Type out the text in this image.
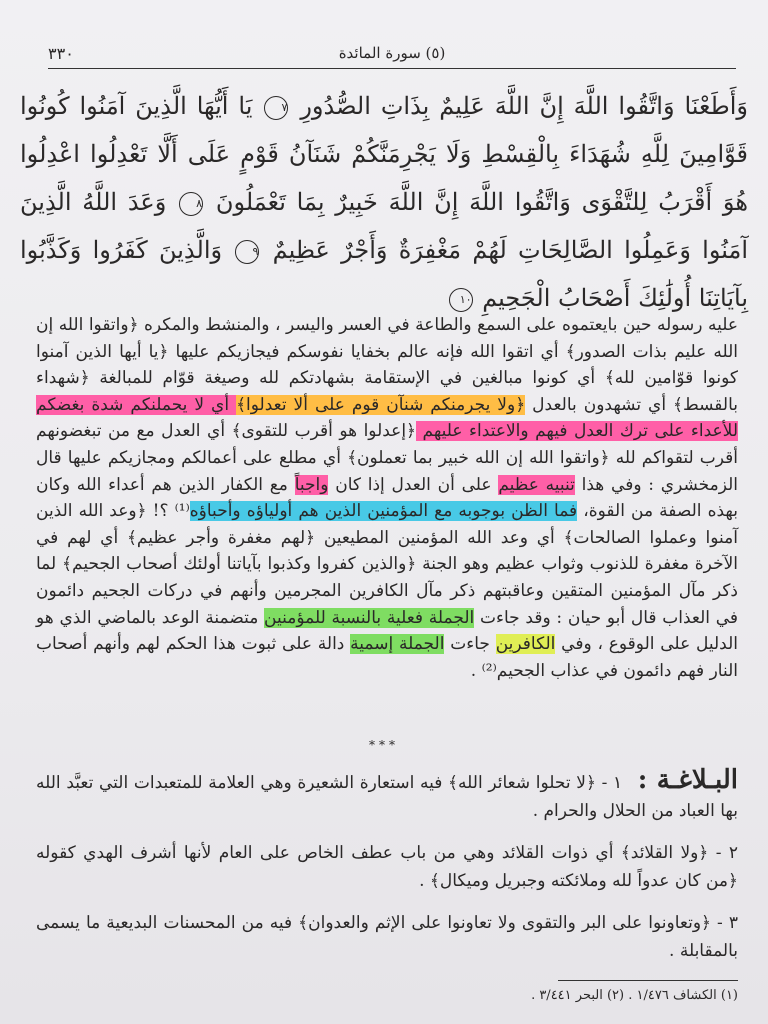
٣٣٠	(٥) سورة المائدة
وَأَطَعْنَا وَاتَّقُوا اللَّهَ إِنَّ اللَّهَ عَلِيمٌ بِذَاتِ الصُّدُورِ ٧ يَا أَيُّهَا الَّذِينَ آمَنُوا كُونُوا قَوَّامِينَ لِلَّهِ شُهَدَاءَ بِالْقِسْطِ وَلَا يَجْرِمَنَّكُمْ شَنَآنُ قَوْمٍ عَلَى أَلَّا تَعْدِلُوا اعْدِلُوا هُوَ أَقْرَبُ لِلتَّقْوَى وَاتَّقُوا اللَّهَ إِنَّ اللَّهَ خَبِيرٌ بِمَا تَعْمَلُونَ ٨ وَعَدَ اللَّهُ الَّذِينَ آمَنُوا وَعَمِلُوا الصَّالِحَاتِ لَهُمْ مَغْفِرَةٌ وَأَجْرٌ عَظِيمٌ ٩ وَالَّذِينَ كَفَرُوا وَكَذَّبُوا بِآيَاتِنَا أُولَٰئِكَ أَصْحَابُ الْجَحِيمِ ١٠

عليه رسوله حين بايعتموه على السمع والطاعة في العسر واليسر ، والمنشط والمكره ﴿واتقوا الله إن الله عليم بذات الصدور﴾ أي اتقوا الله فإنه عالم بخفايا نفوسكم فيجازيكم عليها ﴿يا أيها الذين آمنوا كونوا قوّامين لله﴾ أي كونوا مبالغين في الإستقامة بشهادتكم لله وصيغة قوّام للمبالغة ﴿شهداء بالقسط﴾ أي تشهدون بالعدل ﴿ولا يجرمنكم شنآن قوم على ألا تعدلوا﴾ أي لا يحملنكم شدة بغضكم للأعداء على ترك العدل فيهم والاعتداء عليهم ﴿إعدلوا هو أقرب للتقوى﴾ أي العدل مع من تبغضونهم أقرب لتقواكم لله ﴿واتقوا الله إن الله خبير بما تعملون﴾ أي مطلع على أعمالكم ومجازيكم عليها قال الزمخشري : وفي هذا تنبيه عظيم على أن العدل إذا كان واجباً مع الكفار الذين هم أعداء الله وكان بهذه الصفة من القوة، فما الظن بوجوبه مع المؤمنين الذين هم أولياؤه وأحباؤه⁽¹⁾ ؟! ﴿وعد الله الذين آمنوا وعملوا الصالحات﴾ أي وعد الله المؤمنين المطيعين ﴿لهم مغفرة وأجر عظيم﴾ أي لهم في الآخرة مغفرة للذنوب وثواب عظيم وهو الجنة ﴿والذين كفروا وكذبوا بآياتنا أولئك أصحاب الجحيم﴾ لما ذكر مآل المؤمنين المتقين وعاقبتهم ذكر مآل الكافرين المجرمين وأنهم في دركات الجحيم دائمون في العذاب قال أبو حيان : وقد جاءت الجملة فعلية بالنسبة للمؤمنين متضمنة الوعد بالماضي الذي هو الدليل على الوقوع ، وفي الكافرين جاءت الجملة إسمية دالة على ثبوت هذا الحكم لهم وأنهم أصحاب النار فهم دائمون في عذاب الجحيم⁽²⁾ .

***

البـلاغـة : ١ - ﴿لا تحلوا شعائر الله﴾ فيه استعارة الشعيرة وهي العلامة للمتعبدات التي تعبَّد الله بها العباد من الحلال والحرام .

٢ - ﴿ولا القلائد﴾ أي ذوات القلائد وهي من باب عطف الخاص على العام لأنها أشرف الهدي كقوله ﴿من كان عدواً لله وملائكته وجبريل وميكال﴾ .

٣ - ﴿وتعاونوا على البر والتقوى ولا تعاونوا على الإثم والعدوان﴾ فيه من المحسنات البديعية ما يسمى بالمقابلة .

(١) الكشاف ١/٤٧٦ . (٢) البحر ٣/٤٤١ .
